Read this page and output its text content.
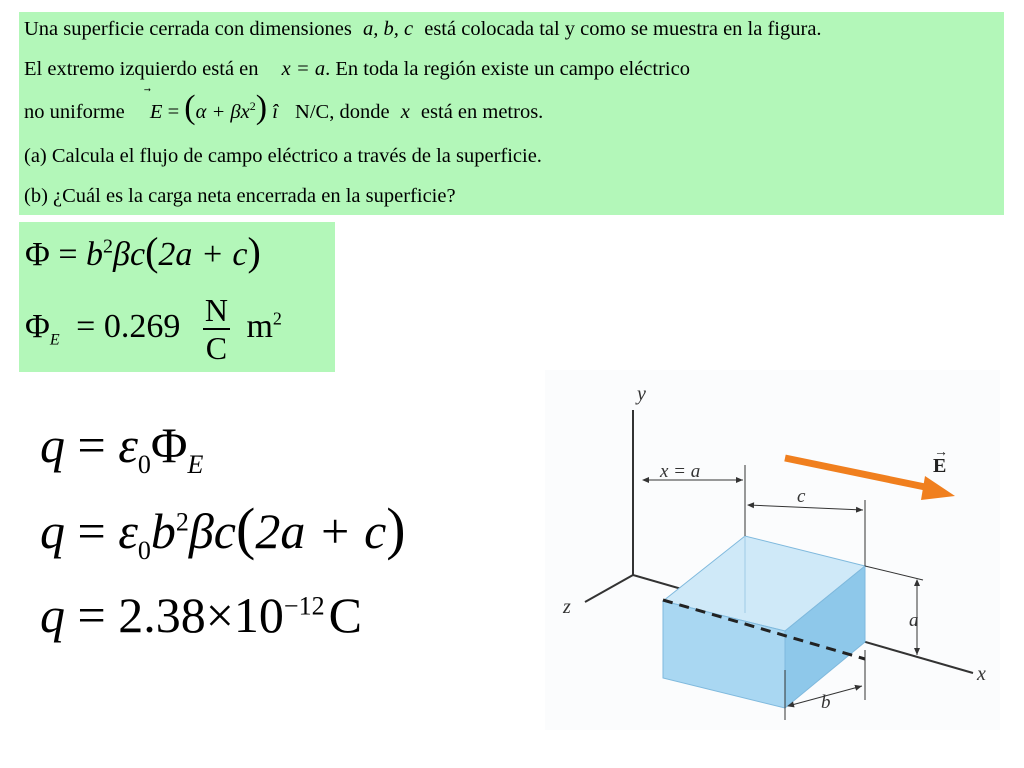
Una superficie cerrada con dimensiones a, b, c está colocada tal y como se muestra en la figura.
El extremo izquierdo está en x = a. En toda la región existe un campo eléctrico
no uniforme $E = (\alpha + \beta x^2)$ î N/C, donde x está en metros.
(a) Calcula el flujo de campo eléctrico a través de la superficie.
(b) ¿Cuál es la carga neta encerrada en la superficie?
$\Phi = b^2\beta c(2a + c)$
$\Phi_E = 0.269 \frac{N}{C} m^2$
$q = \varepsilon_0\Phi_E$
$q = \varepsilon_0b^2\beta c(2a + c)$
$q = 2.38\times 10^{-12}C$
y
z
x
x = a
c
a
b
E
→
